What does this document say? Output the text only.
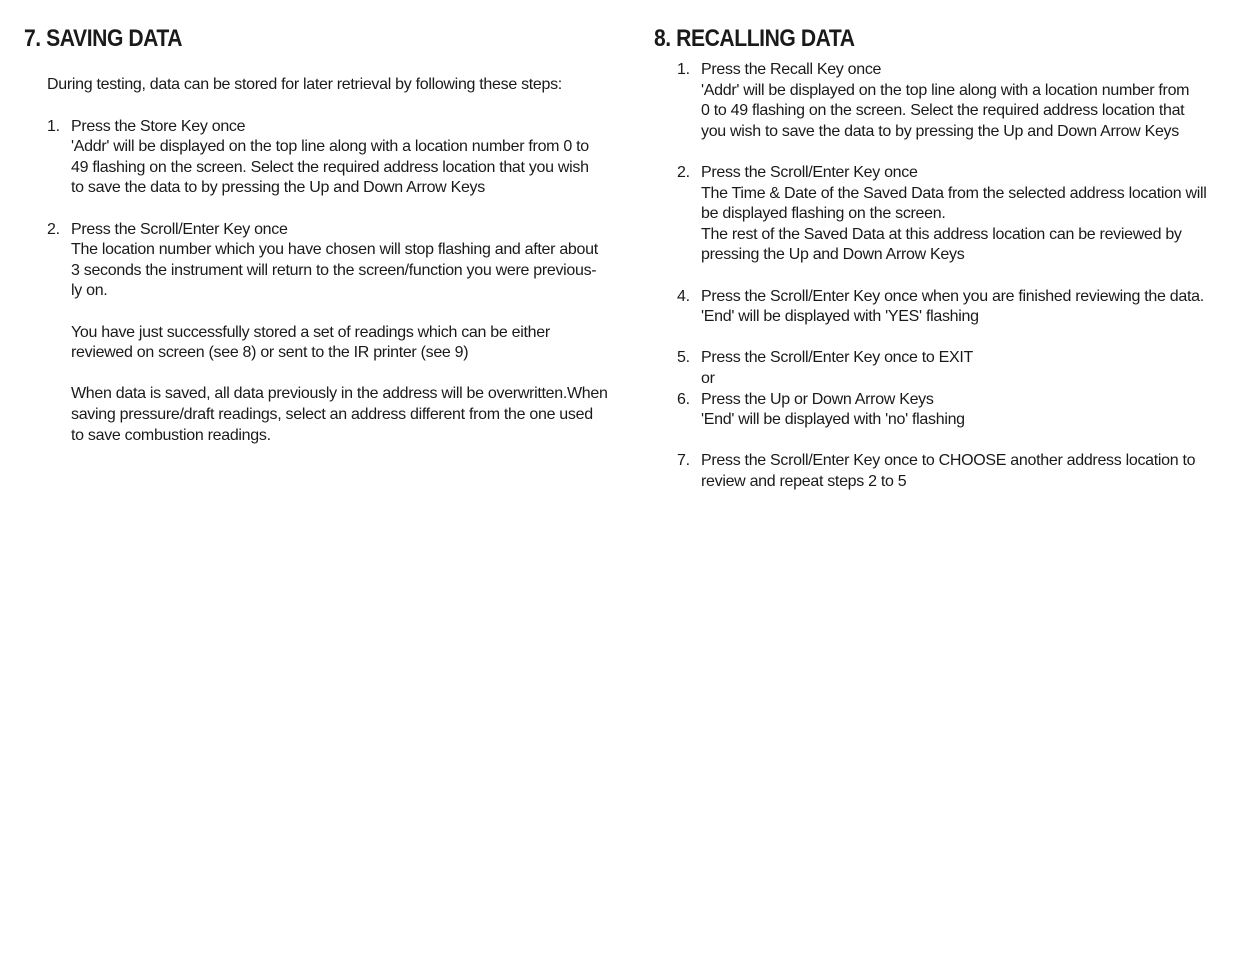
7. SAVING DATA
During testing, data can be stored for later retrieval by following these steps:
1. Press the Store Key once
'Addr' will be displayed on the top line along with a location number from 0 to
49 flashing on the screen. Select the required address location that you wish
to save the data to by pressing the Up and Down Arrow Keys
2. Press the Scroll/Enter Key once
The location number which you have chosen will stop flashing and after about
3 seconds the instrument will return to the screen/function you were previous-
ly on.
You have just successfully stored a set of readings which can be either
reviewed on screen (see 8) or sent to the IR printer (see 9)
When data is saved, all data previously in the address will be overwritten.When
saving pressure/draft readings, select an address different from the one used
to save combustion readings.
8. RECALLING DATA
1. Press the Recall Key once
'Addr' will be displayed on the top line along with a location number from
0 to 49 flashing on the screen. Select the required address location that
you wish to save the data to by pressing the Up and Down Arrow Keys
2. Press the Scroll/Enter Key once
The Time & Date of the Saved Data from the selected address location will
be displayed flashing on the screen.
The rest of the Saved Data at this address location can be reviewed by
pressing the Up and Down Arrow Keys
4. Press the Scroll/Enter Key once when you are finished reviewing the data.
'End' will be displayed with 'YES' flashing
5. Press the Scroll/Enter Key once to EXIT
or
6. Press the Up or Down Arrow Keys
'End' will be displayed with 'no' flashing
7. Press the Scroll/Enter Key once to CHOOSE another address location to
review and repeat steps 2 to 5
